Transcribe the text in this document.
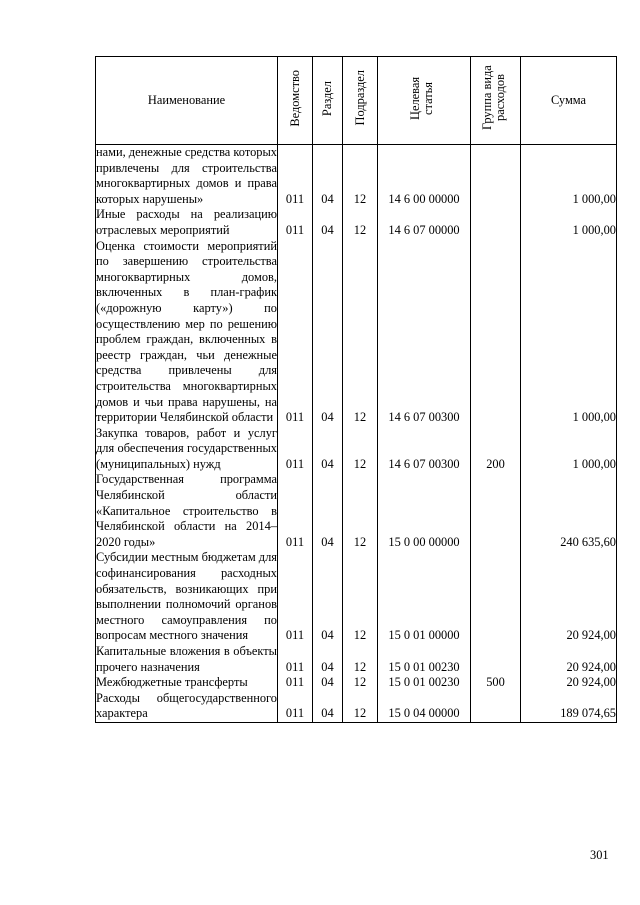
Наименование	Ведомство	Раздел	Подраздел	Целевая статья	Группа вида расходов	Сумма
нами, денежные средства которых привлечены для строительства многоквартирных домов и права которых нарушены»	011	04	12	14 6 00 00000		1 000,00
Иные расходы на реализацию отраслевых мероприятий	011	04	12	14 6 07 00000		1 000,00
Оценка стоимости мероприятий по завершению строительства многоквартирных домов, включенных в план-график («дорожную карту») по осуществлению мер по решению проблем граждан, включенных в реестр граждан, чьи денежные средства привлечены для строительства многоквартирных домов и чьи права нарушены, на территории Челябинской области	011	04	12	14 6 07 00300		1 000,00
Закупка товаров, работ и услуг для обеспечения государственных (муниципальных) нужд	011	04	12	14 6 07 00300	200	1 000,00
Государственная программа Челябинской области «Капитальное строительство в Челябинской области на 2014–2020 годы»	011	04	12	15 0 00 00000		240 635,60
Субсидии местным бюджетам для софинансирования расходных обязательств, возникающих при выполнении полномочий органов местного самоуправления по вопросам местного значения	011	04	12	15 0 01 00000		20 924,00
Капитальные вложения в объекты прочего назначения	011	04	12	15 0 01 00230		20 924,00
Межбюджетные трансферты	011	04	12	15 0 01 00230	500	20 924,00
Расходы общегосударственного характера	011	04	12	15 0 04 00000		189 074,65
301
